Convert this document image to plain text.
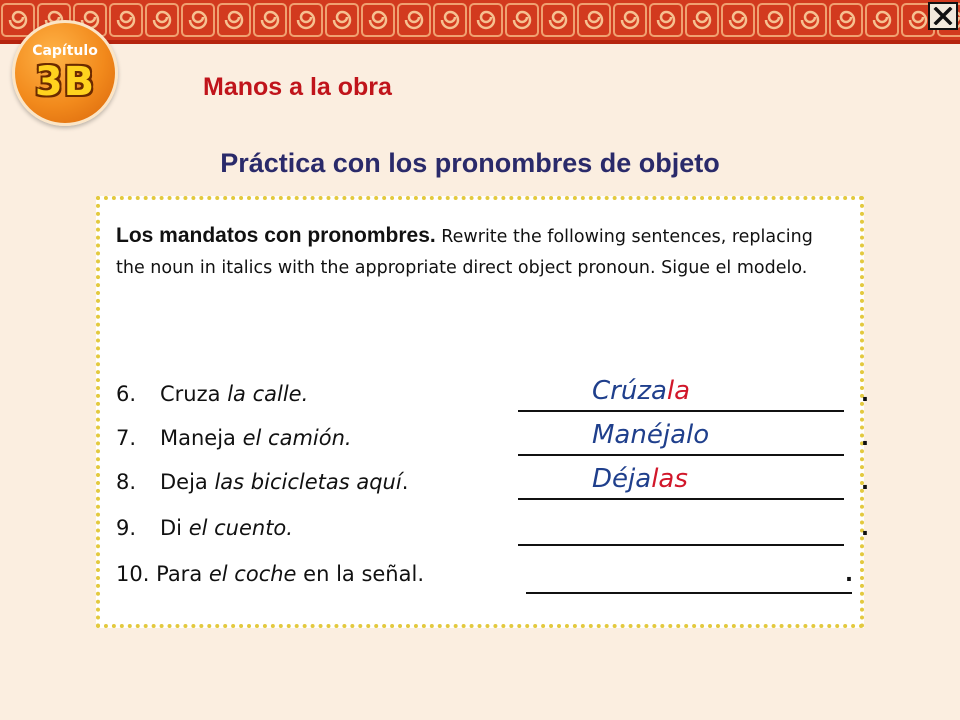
Capítulo
3B	Manos a la obra
Práctica con los pronombres de objeto
Los mandatos con pronombres. Rewrite the following sentences, replacing the noun in italics with the appropriate direct object pronoun. Sigue el modelo.
6. Cruza la calle.	Crúzala	.
7. Maneja el camión.	Manéjalo	.
8. Deja las bicicletas aquí.	Déjalas	.
9. Di el cuento.	.
10. Para el coche en la señal.	.
